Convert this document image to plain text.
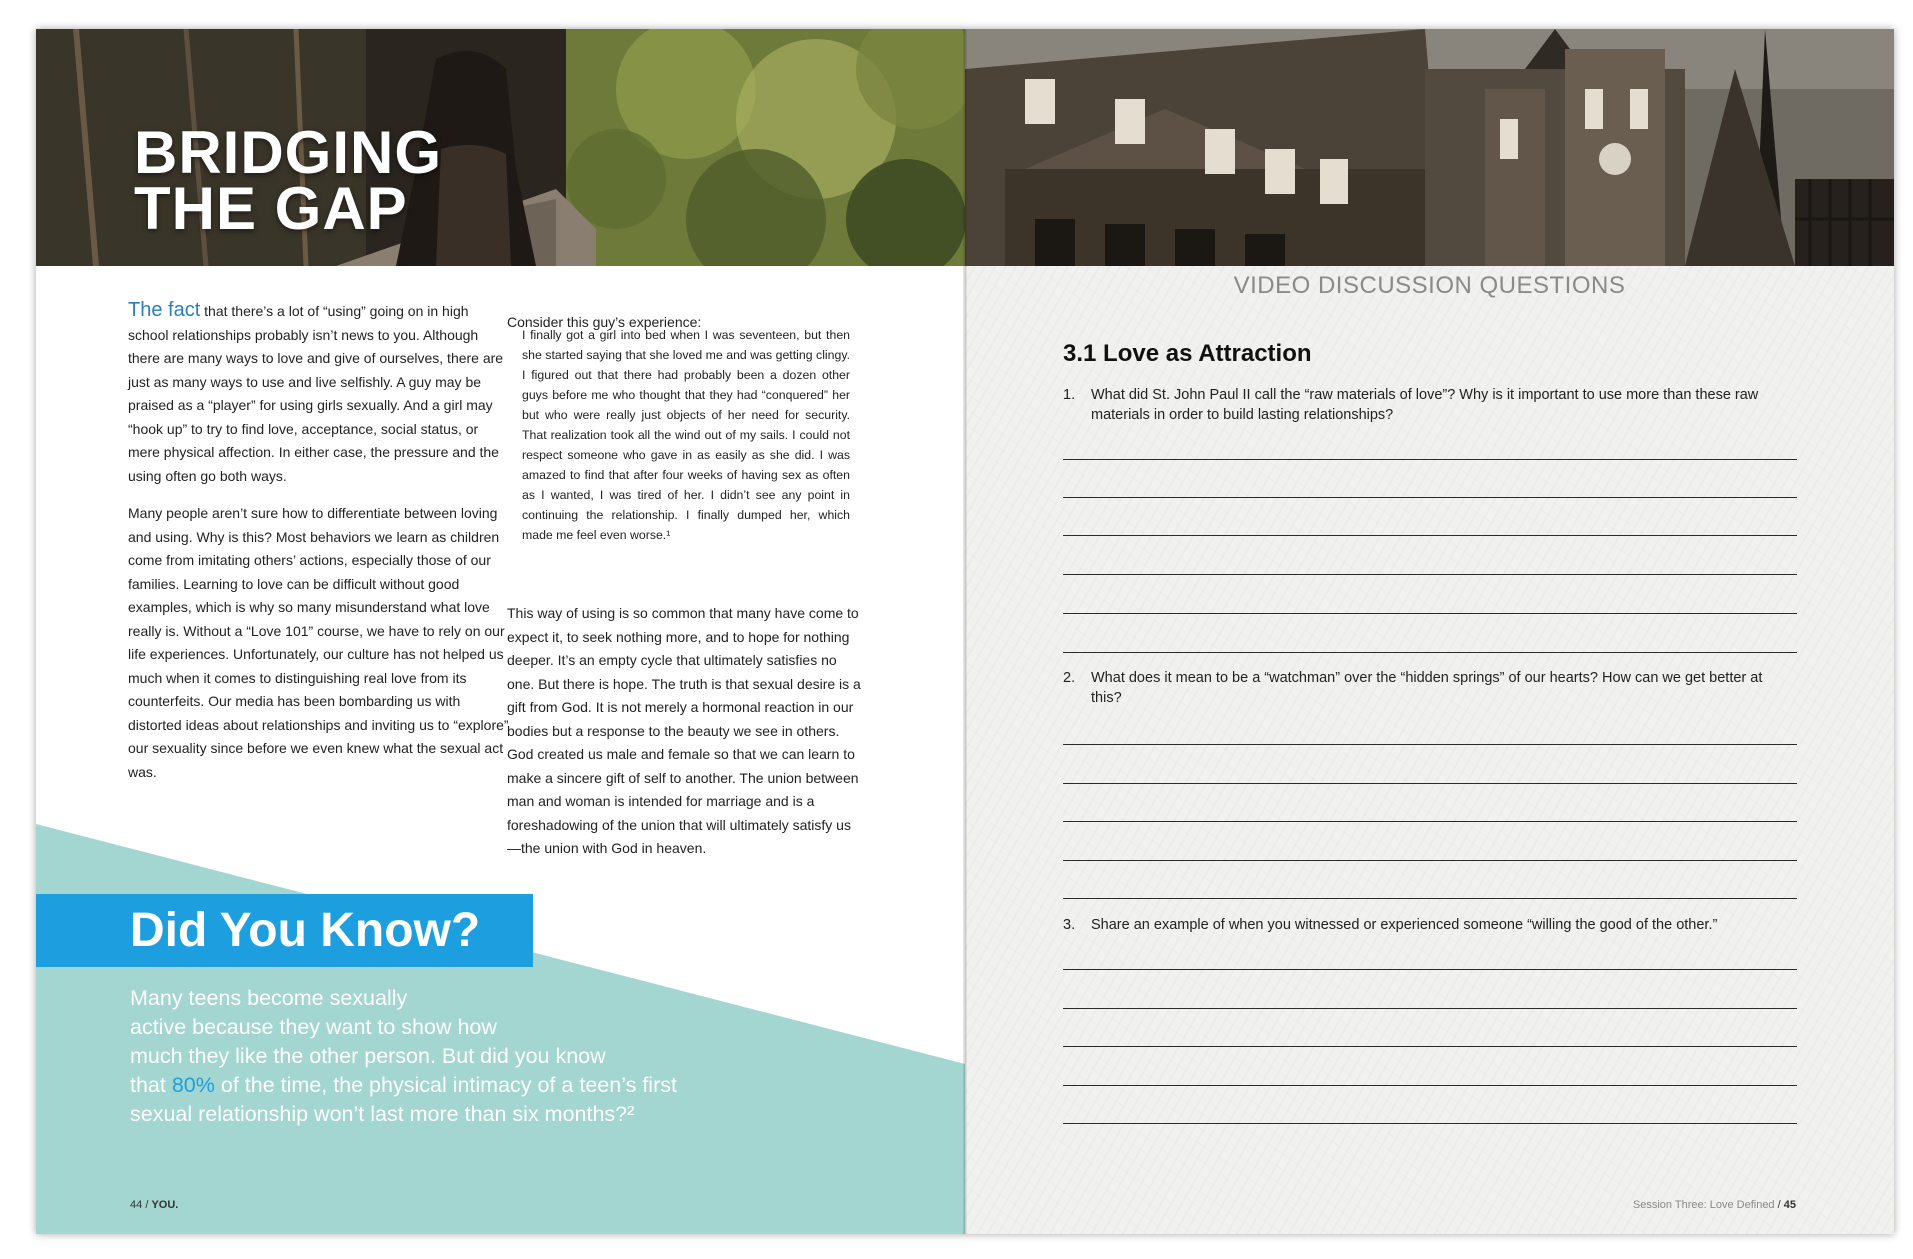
BRIDGING
THE GAP

The fact that there’s a lot of “using” going on in high school relationships probably isn’t news to you. Although there are many ways to love and give of ourselves, there are just as many ways to use and live selfishly. A guy may be praised as a “player” for using girls sexually. And a girl may “hook up” to try to find love, acceptance, social status, or mere physical affection. In either case, the pressure and the using often go both ways.

Many people aren’t sure how to differentiate between loving and using. Why is this? Most behaviors we learn as children come from imitating others’ actions, especially those of our families. Learning to love can be difficult without good examples, which is why so many misunderstand what love really is. Without a “Love 101” course, we have to rely on our life experiences. Unfortunately, our culture has not helped us much when it comes to distinguishing real love from its counterfeits. Our media has been bombarding us with distorted ideas about relationships and inviting us to “explore” our sexuality since before we even knew what the sexual act was.

Consider this guy’s experience:

I finally got a girl into bed when I was seventeen, but then she started saying that she loved me and was getting clingy. I figured out that there had probably been a dozen other guys before me who thought that they had “conquered” her but who were really just objects of her need for security. That realization took all the wind out of my sails. I could not respect someone who gave in as easily as she did. I was amazed to find that after four weeks of having sex as often as I wanted, I was tired of her. I didn’t see any point in continuing the relationship. I finally dumped her, which made me feel even worse.¹

This way of using is so common that many have come to expect it, to seek nothing more, and to hope for nothing deeper. It’s an empty cycle that ultimately satisfies no one. But there is hope. The truth is that sexual desire is a gift from God. It is not merely a hormonal reaction in our bodies but a response to the beauty we see in others. God created us male and female so that we can learn to make a sincere gift of self to another. The union between man and woman is intended for marriage and is a foreshadowing of the union that will ultimately satisfy us—the union with God in heaven.

Did You Know?
Many teens become sexually
active because they want to show how
much they like the other person. But did you know
that 80% of the time, the physical intimacy of a teen’s first
sexual relationship won’t last more than six months?²
44 / YOU.
VIDEO DISCUSSION QUESTIONS
3.1 Love as Attraction
1. What did St. John Paul II call the “raw materials of love”? Why is it important to use more than these raw materials in order to build lasting relationships?
2. What does it mean to be a “watchman” over the “hidden springs” of our hearts? How can we get better at this?
3. Share an example of when you witnessed or experienced someone “willing the good of the other.”
Session Three: Love Defined / 45
